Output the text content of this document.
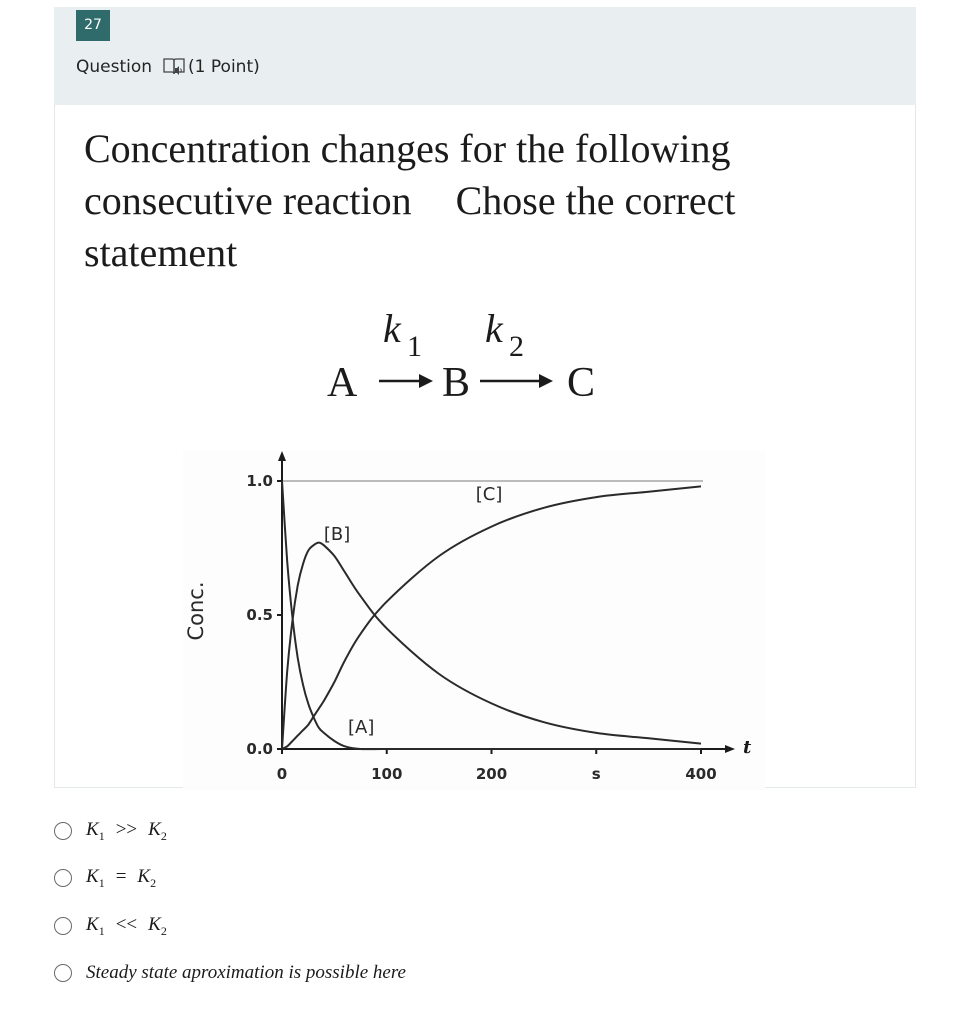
27
Question (1 Point)

Concentration changes for the following
consecutive reaction Chose the correct
statement

k 1 k 2
A B C
0.0
0.5
1.0
0	100	200	s	400
[A]
[B]
[C]
Conc.
t
$K_1 >> K_2$
$K_1 = K_2$
$K_1 << K_2$
Steady state aproximation is possible here
